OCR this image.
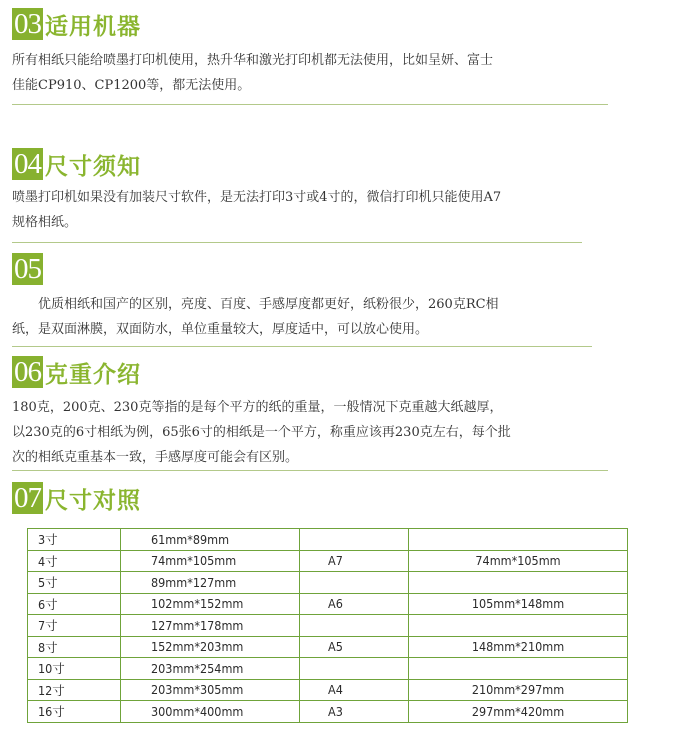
03 适用机器
所有相纸只能给喷墨打印机使用，热升华和激光打印机都无法使用，比如呈妍、富士
佳能CP910、CP1200等，都无法使用。
04 尺寸须知
喷墨打印机如果没有加装尺寸软件，是无法打印3寸或4寸的，微信打印机只能使用A7
规格相纸。
05
优质相纸和国产的区别，亮度、百度、手感厚度都更好，纸粉很少，260克RC相
纸，是双面淋膜，双面防水，单位重量较大，厚度适中，可以放心使用。
06 克重介绍
180克，200克、230克等指的是每个平方的纸的重量，一般情况下克重越大纸越厚，
以230克的6寸相纸为例，65张6寸的相纸是一个平方，称重应该再230克左右，每个批
次的相纸克重基本一致，手感厚度可能会有区别。
07 尺寸对照
3寸	61mm*89mm		
4寸	74mm*105mm	A7	74mm*105mm
5寸	89mm*127mm		
6寸	102mm*152mm	A6	105mm*148mm
7寸	127mm*178mm		
8寸	152mm*203mm	A5	148mm*210mm
10寸	203mm*254mm		
12寸	203mm*305mm	A4	210mm*297mm
16寸	300mm*400mm	A3	297mm*420mm
